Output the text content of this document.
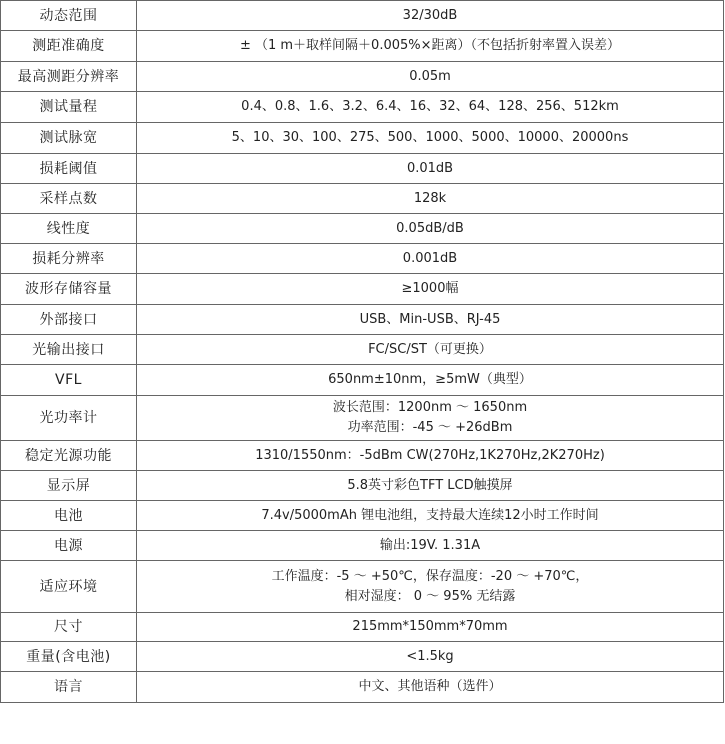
动态范围	32/30dB

测距准确度	± （1 m＋取样间隔＋0.005%×距离）（不包括折射率置入误差）

最高测距分辨率	0.05m

测试量程	0.4、0.8、1.6、3.2、6.4、16、32、64、128、256、512km

测试脉宽	5、10、30、100、275、500、1000、5000、10000、20000ns

损耗阈值	0.01dB

采样点数	128k

线性度	0.05dB/dB

损耗分辨率	0.001dB

波形存储容量	≥1000幅

外部接口	USB、Min-USB、RJ-45

光输出接口	FC/SC/ST（可更换）

VFL	650nm±10nm，≥5mW（典型）

光功率计	波长范围：1200nm ～ 1650nm
功率范围：-45 ～ +26dBm

稳定光源功能	1310/1550nm：-5dBm CW(270Hz,1K270Hz,2K270Hz)

显示屏	5.8英寸彩色TFT LCD触摸屏

电池	7.4v/5000mAh 锂电池组，支持最大连续12小时工作时间

电源	输出:19V. 1.31A

适应环境	工作温度：-5 ～ +50℃，保存温度：-20 ～ +70℃，
相对湿度： 0 ～ 95% 无结露

尺寸	215mm*150mm*70mm

重量(含电池)	<1.5kg

语言	中文、其他语种（选件）
